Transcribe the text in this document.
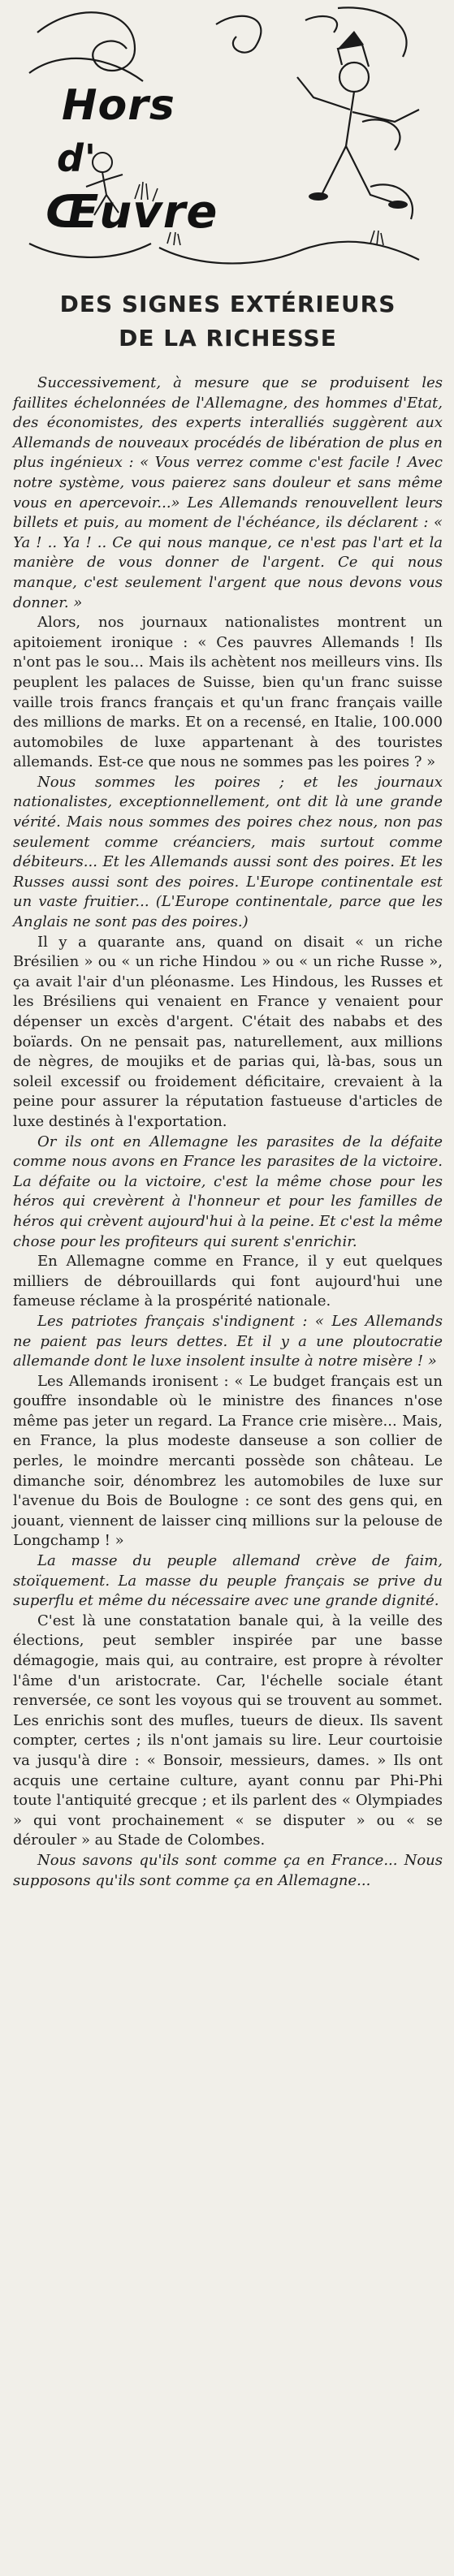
Hors
d'
Œuvre
DES SIGNES EXTÉRIEURS
DE LA RICHESSE

Successivement, à mesure que se produisent les faillites échelonnées de l'Allemagne, des hommes d'Etat, des économistes, des experts interalliés suggèrent aux Allemands de nouveaux procédés de libération de plus en plus ingénieux : « Vous verrez comme c'est facile ! Avec notre système, vous paierez sans douleur et sans même vous en apercevoir...» Les Allemands renouvellent leurs billets et puis, au moment de l'échéance, ils déclarent : « Ya ! .. Ya ! .. Ce qui nous manque, ce n'est pas l'art et la manière de vous donner de l'argent. Ce qui nous manque, c'est seulement l'argent que nous devons vous donner. »

Alors, nos journaux nationalistes montrent un apitoiement ironique : « Ces pauvres Allemands ! Ils n'ont pas le sou... Mais ils achètent nos meilleurs vins. Ils peuplent les palaces de Suisse, bien qu'un franc suisse vaille trois francs français et qu'un franc français vaille des millions de marks. Et on a recensé, en Italie, 100.000 automobiles de luxe appartenant à des touristes allemands. Est-ce que nous ne sommes pas les poires ? »

Nous sommes les poires ; et les journaux nationalistes, exceptionnellement, ont dit là une grande vérité. Mais nous sommes des poires chez nous, non pas seulement comme créanciers, mais surtout comme débiteurs... Et les Allemands aussi sont des poires. Et les Russes aussi sont des poires. L'Europe continentale est un vaste fruitier... (L'Europe continentale, parce que les Anglais ne sont pas des poires.)

Il y a quarante ans, quand on disait « un riche Brésilien » ou « un riche Hindou » ou « un riche Russe », ça avait l'air d'un pléonasme. Les Hindous, les Russes et les Brésiliens qui venaient en France y venaient pour dépenser un excès d'argent. C'était des nababs et des boïards. On ne pensait pas, naturellement, aux millions de nègres, de moujiks et de parias qui, là-bas, sous un soleil excessif ou froidement déficitaire, crevaient à la peine pour assurer la réputation fastueuse d'articles de luxe destinés à l'exportation.

Or ils ont en Allemagne les parasites de la défaite comme nous avons en France les parasites de la victoire. La défaite ou la victoire, c'est la même chose pour les héros qui crevèrent à l'honneur et pour les familles de héros qui crèvent aujourd'hui à la peine. Et c'est la même chose pour les profiteurs qui surent s'enrichir.

En Allemagne comme en France, il y eut quelques milliers de débrouillards qui font aujourd'hui une fameuse réclame à la prospérité nationale.

Les patriotes français s'indignent : « Les Allemands ne paient pas leurs dettes. Et il y a une ploutocratie allemande dont le luxe insolent insulte à notre misère ! »

Les Allemands ironisent : « Le budget français est un gouffre insondable où le ministre des finances n'ose même pas jeter un regard. La France crie misère... Mais, en France, la plus modeste danseuse a son collier de perles, le moindre mercanti possède son château. Le dimanche soir, dénombrez les automobiles de luxe sur l'avenue du Bois de Boulogne : ce sont des gens qui, en jouant, viennent de laisser cinq millions sur la pelouse de Longchamp ! »

La masse du peuple allemand crève de faim, stoïquement. La masse du peuple français se prive du superflu et même du nécessaire avec une grande dignité.

C'est là une constatation banale qui, à la veille des élections, peut sembler inspirée par une basse démagogie, mais qui, au contraire, est propre à révolter l'âme d'un aristocrate. Car, l'échelle sociale étant renversée, ce sont les voyous qui se trouvent au sommet. Les enrichis sont des mufles, tueurs de dieux. Ils savent compter, certes ; ils n'ont jamais su lire. Leur courtoisie va jusqu'à dire : « Bonsoir, messieurs, dames. » Ils ont acquis une certaine culture, ayant connu par Phi-Phi toute l'antiquité grecque ; et ils parlent des « Olympiades » qui vont prochainement « se disputer » ou « se dérouler » au Stade de Colombes.

Nous savons qu'ils sont comme ça en France... Nous supposons qu'ils sont comme ça en Allemagne...
